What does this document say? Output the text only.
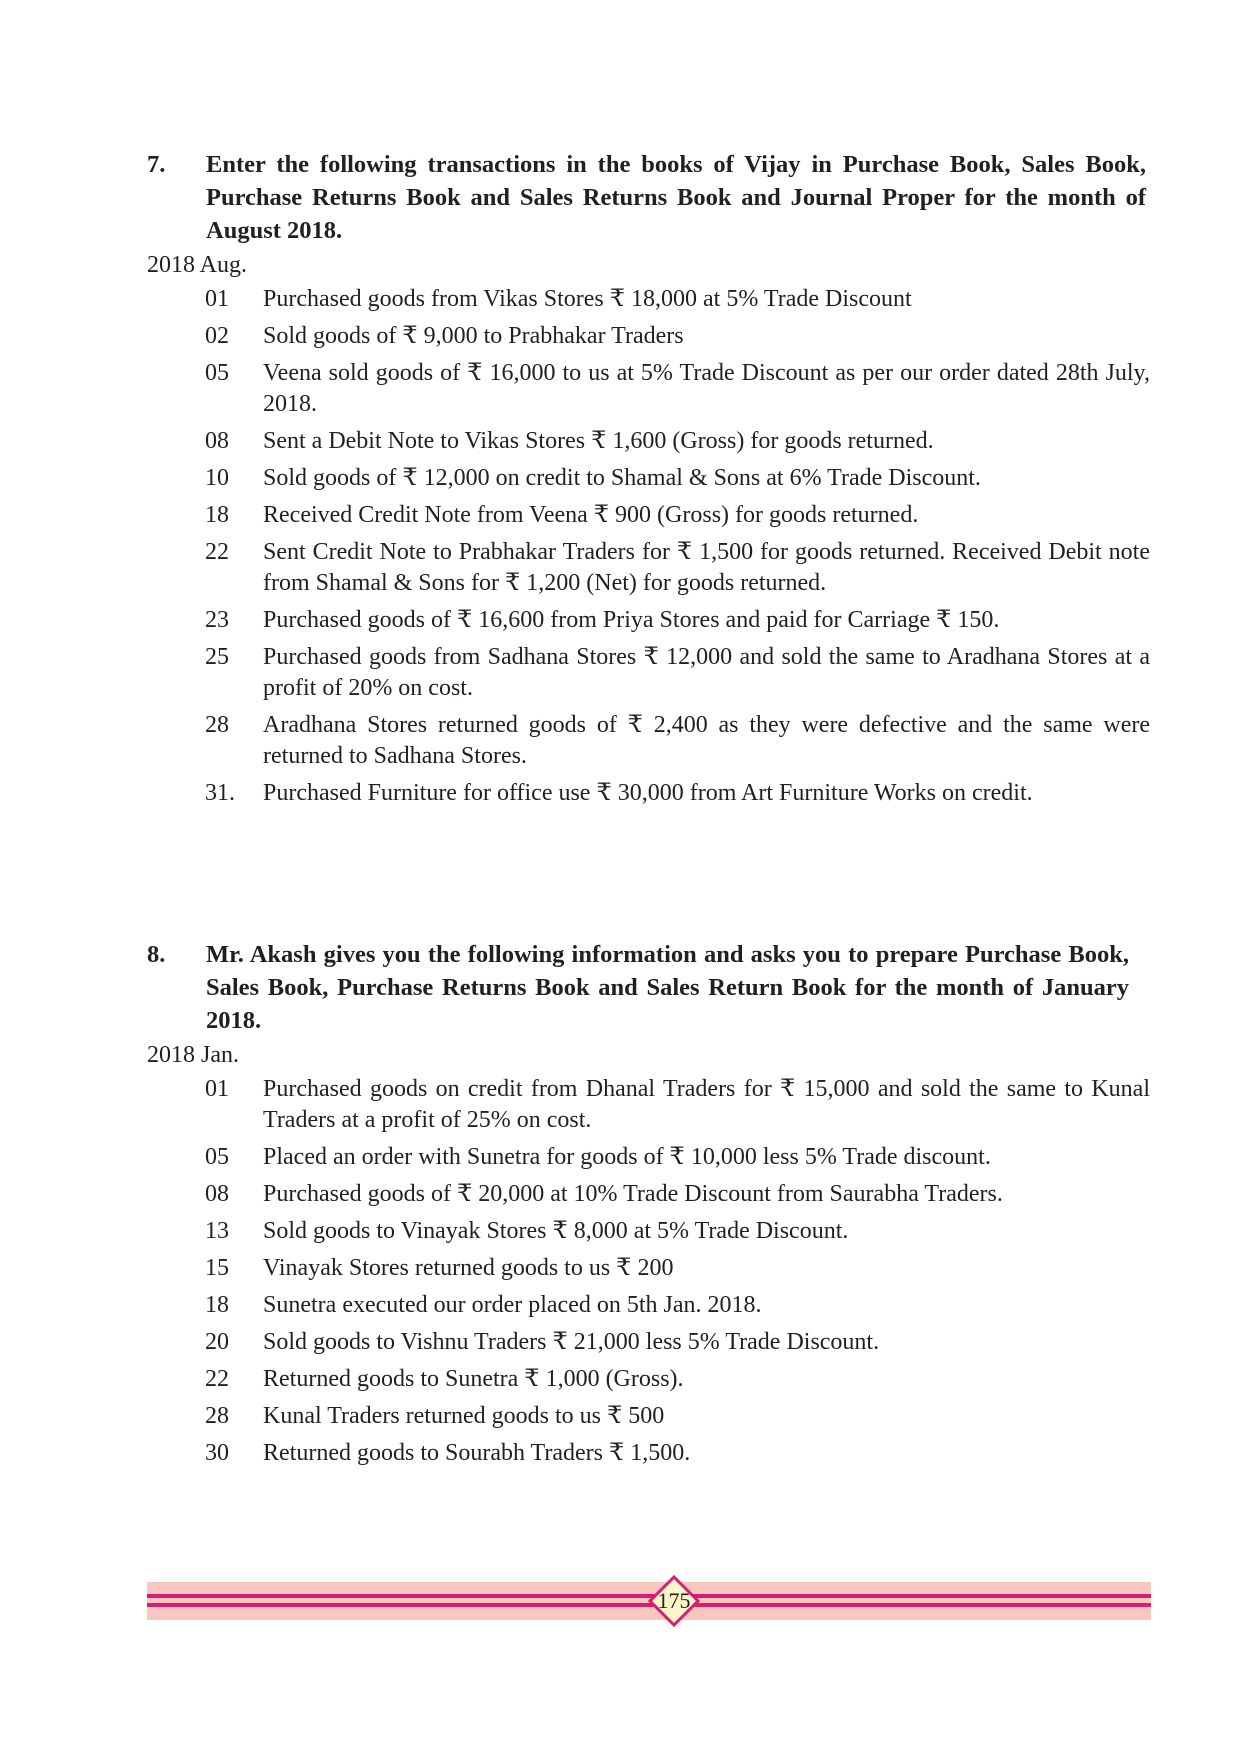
7. Enter the following transactions in the books of Vijay in Purchase Book, Sales Book, Purchase Returns Book and Sales Returns Book and Journal Proper for the month of August 2018.
2018 Aug.
01 Purchased goods from Vikas Stores ₹ 18,000 at 5% Trade Discount
02 Sold goods of ₹ 9,000 to Prabhakar Traders
05 Veena sold goods of ₹ 16,000 to us at 5% Trade Discount as per our order dated 28th July, 2018.
08 Sent a Debit Note to Vikas Stores ₹ 1,600 (Gross) for goods returned.
10 Sold goods of ₹ 12,000 on credit to Shamal & Sons at 6% Trade Discount.
18 Received Credit Note from Veena ₹ 900 (Gross) for goods returned.
22 Sent Credit Note to Prabhakar Traders for ₹ 1,500 for goods returned. Received Debit note from Shamal & Sons for ₹ 1,200 (Net) for goods returned.
23 Purchased goods of ₹ 16,600 from Priya Stores and paid for Carriage ₹ 150.
25 Purchased goods from Sadhana Stores ₹ 12,000 and sold the same to Aradhana Stores at a profit of 20% on cost.
28 Aradhana Stores returned goods of ₹ 2,400 as they were defective and the same were returned to Sadhana Stores.
31. Purchased Furniture for office use ₹ 30,000 from Art Furniture Works on credit.
8. Mr. Akash gives you the following information and asks you to prepare Purchase Book, Sales Book, Purchase Returns Book and Sales Return Book for the month of January 2018.
2018 Jan.
01 Purchased goods on credit from Dhanal Traders for ₹ 15,000 and sold the same to Kunal Traders at a profit of 25% on cost.
05 Placed an order with Sunetra for goods of ₹ 10,000 less 5% Trade discount.
08 Purchased goods of ₹ 20,000 at 10% Trade Discount from Saurabha Traders.
13 Sold goods to Vinayak Stores ₹ 8,000 at 5% Trade Discount.
15 Vinayak Stores returned goods to us ₹ 200
18 Sunetra executed our order placed on 5th Jan. 2018.
20 Sold goods to Vishnu Traders ₹ 21,000 less 5% Trade Discount.
22 Returned goods to Sunetra ₹ 1,000 (Gross).
28 Kunal Traders returned goods to us ₹ 500
30 Returned goods to Sourabh Traders ₹ 1,500.
175
